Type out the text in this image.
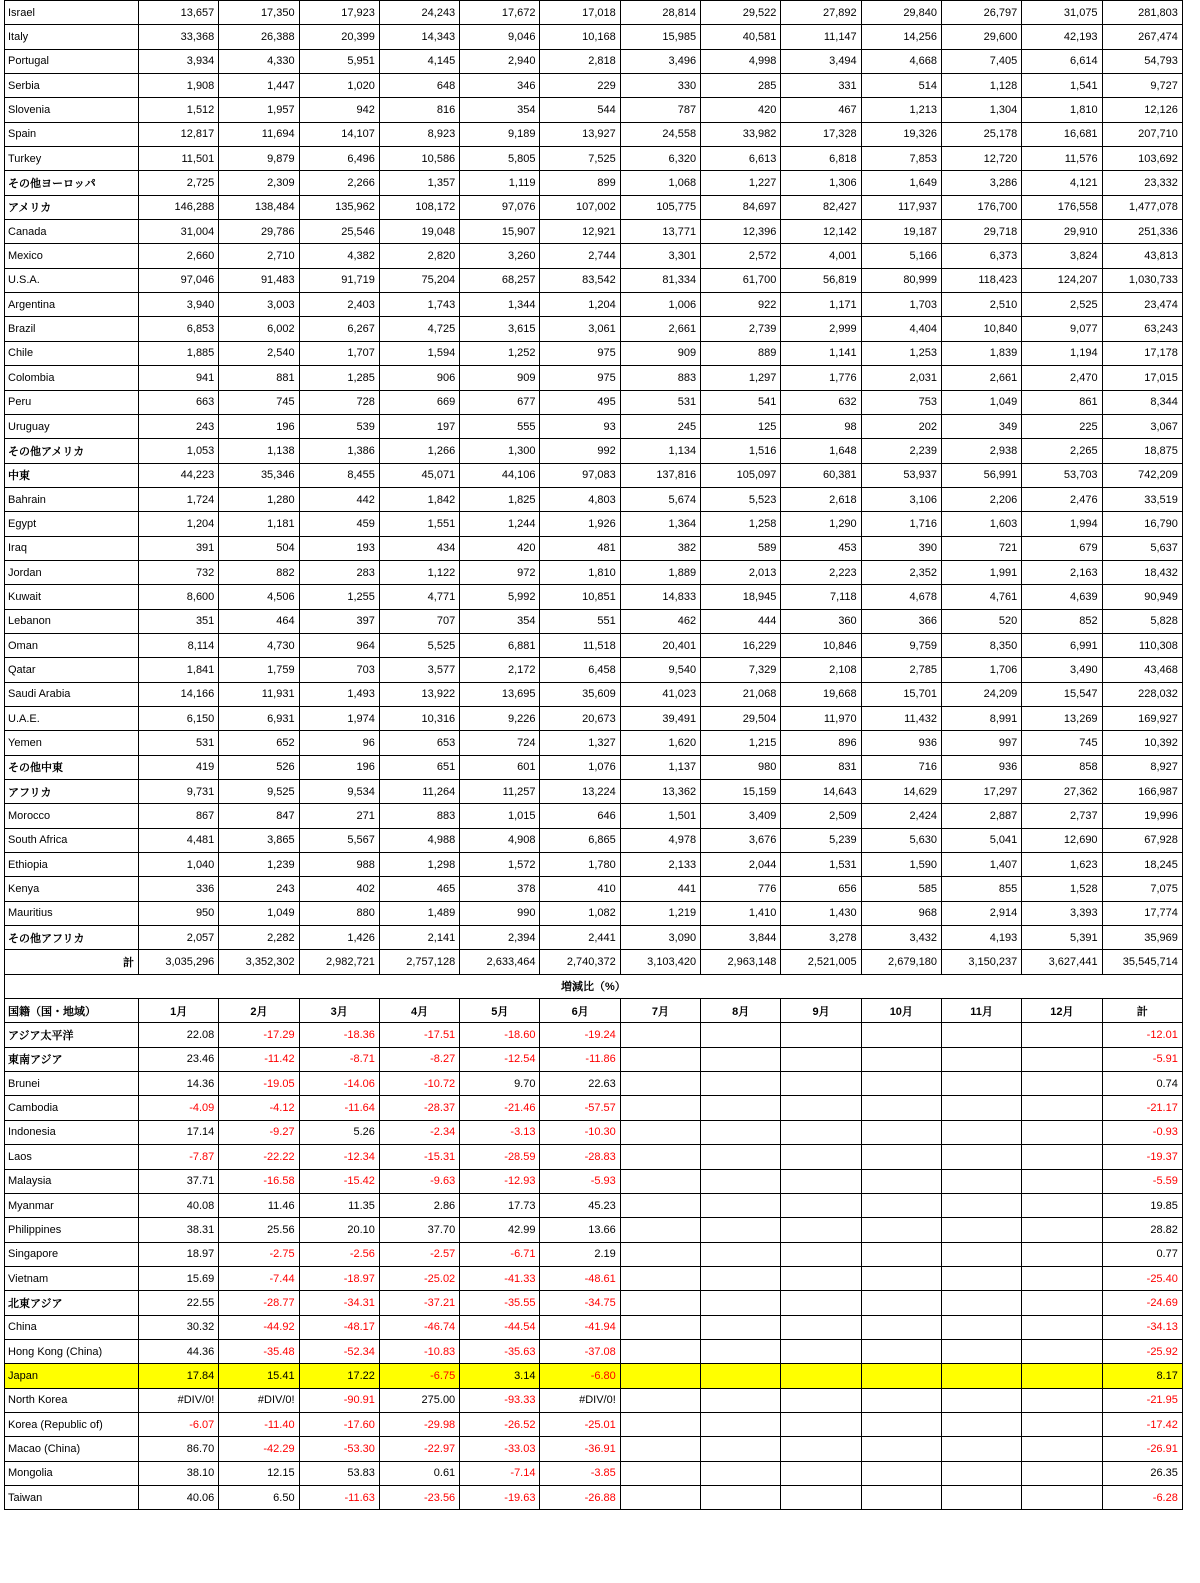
Israel	13,657	17,350	17,923	24,243	17,672	17,018	28,814	29,522	27,892	29,840	26,797	31,075	281,803
Italy	33,368	26,388	20,399	14,343	9,046	10,168	15,985	40,581	11,147	14,256	29,600	42,193	267,474
Portugal	3,934	4,330	5,951	4,145	2,940	2,818	3,496	4,998	3,494	4,668	7,405	6,614	54,793
Serbia	1,908	1,447	1,020	648	346	229	330	285	331	514	1,128	1,541	9,727
Slovenia	1,512	1,957	942	816	354	544	787	420	467	1,213	1,304	1,810	12,126
Spain	12,817	11,694	14,107	8,923	9,189	13,927	24,558	33,982	17,328	19,326	25,178	16,681	207,710
Turkey	11,501	9,879	6,496	10,586	5,805	7,525	6,320	6,613	6,818	7,853	12,720	11,576	103,692
その他ヨーロッパ	2,725	2,309	2,266	1,357	1,119	899	1,068	1,227	1,306	1,649	3,286	4,121	23,332
アメリカ	146,288	138,484	135,962	108,172	97,076	107,002	105,775	84,697	82,427	117,937	176,700	176,558	1,477,078
Canada	31,004	29,786	25,546	19,048	15,907	12,921	13,771	12,396	12,142	19,187	29,718	29,910	251,336
Mexico	2,660	2,710	4,382	2,820	3,260	2,744	3,301	2,572	4,001	5,166	6,373	3,824	43,813
U.S.A.	97,046	91,483	91,719	75,204	68,257	83,542	81,334	61,700	56,819	80,999	118,423	124,207	1,030,733
Argentina	3,940	3,003	2,403	1,743	1,344	1,204	1,006	922	1,171	1,703	2,510	2,525	23,474
Brazil	6,853	6,002	6,267	4,725	3,615	3,061	2,661	2,739	2,999	4,404	10,840	9,077	63,243
Chile	1,885	2,540	1,707	1,594	1,252	975	909	889	1,141	1,253	1,839	1,194	17,178
Colombia	941	881	1,285	906	909	975	883	1,297	1,776	2,031	2,661	2,470	17,015
Peru	663	745	728	669	677	495	531	541	632	753	1,049	861	8,344
Uruguay	243	196	539	197	555	93	245	125	98	202	349	225	3,067
その他アメリカ	1,053	1,138	1,386	1,266	1,300	992	1,134	1,516	1,648	2,239	2,938	2,265	18,875
中東	44,223	35,346	8,455	45,071	44,106	97,083	137,816	105,097	60,381	53,937	56,991	53,703	742,209
Bahrain	1,724	1,280	442	1,842	1,825	4,803	5,674	5,523	2,618	3,106	2,206	2,476	33,519
Egypt	1,204	1,181	459	1,551	1,244	1,926	1,364	1,258	1,290	1,716	1,603	1,994	16,790
Iraq	391	504	193	434	420	481	382	589	453	390	721	679	5,637
Jordan	732	882	283	1,122	972	1,810	1,889	2,013	2,223	2,352	1,991	2,163	18,432
Kuwait	8,600	4,506	1,255	4,771	5,992	10,851	14,833	18,945	7,118	4,678	4,761	4,639	90,949
Lebanon	351	464	397	707	354	551	462	444	360	366	520	852	5,828
Oman	8,114	4,730	964	5,525	6,881	11,518	20,401	16,229	10,846	9,759	8,350	6,991	110,308
Qatar	1,841	1,759	703	3,577	2,172	6,458	9,540	7,329	2,108	2,785	1,706	3,490	43,468
Saudi Arabia	14,166	11,931	1,493	13,922	13,695	35,609	41,023	21,068	19,668	15,701	24,209	15,547	228,032
U.A.E.	6,150	6,931	1,974	10,316	9,226	20,673	39,491	29,504	11,970	11,432	8,991	13,269	169,927
Yemen	531	652	96	653	724	1,327	1,620	1,215	896	936	997	745	10,392
その他中東	419	526	196	651	601	1,076	1,137	980	831	716	936	858	8,927
アフリカ	9,731	9,525	9,534	11,264	11,257	13,224	13,362	15,159	14,643	14,629	17,297	27,362	166,987
Morocco	867	847	271	883	1,015	646	1,501	3,409	2,509	2,424	2,887	2,737	19,996
South Africa	4,481	3,865	5,567	4,988	4,908	6,865	4,978	3,676	5,239	5,630	5,041	12,690	67,928
Ethiopia	1,040	1,239	988	1,298	1,572	1,780	2,133	2,044	1,531	1,590	1,407	1,623	18,245
Kenya	336	243	402	465	378	410	441	776	656	585	855	1,528	7,075
Mauritius	950	1,049	880	1,489	990	1,082	1,219	1,410	1,430	968	2,914	3,393	17,774
その他アフリカ	2,057	2,282	1,426	2,141	2,394	2,441	3,090	3,844	3,278	3,432	4,193	5,391	35,969
計	3,035,296	3,352,302	2,982,721	2,757,128	2,633,464	2,740,372	3,103,420	2,963,148	2,521,005	2,679,180	3,150,237	3,627,441	35,545,714
増減比（%）													
国籍（国・地域）	1月	2月	3月	4月	5月	6月	7月	8月	9月	10月	11月	12月	計
アジア太平洋	22.08	-17.29	-18.36	-17.51	-18.60	-19.24							-12.01
東南アジア	23.46	-11.42	-8.71	-8.27	-12.54	-11.86							-5.91
Brunei	14.36	-19.05	-14.06	-10.72	9.70	22.63							0.74
Cambodia	-4.09	-4.12	-11.64	-28.37	-21.46	-57.57							-21.17
Indonesia	17.14	-9.27	5.26	-2.34	-3.13	-10.30							-0.93
Laos	-7.87	-22.22	-12.34	-15.31	-28.59	-28.83							-19.37
Malaysia	37.71	-16.58	-15.42	-9.63	-12.93	-5.93							-5.59
Myanmar	40.08	11.46	11.35	2.86	17.73	45.23							19.85
Philippines	38.31	25.56	20.10	37.70	42.99	13.66							28.82
Singapore	18.97	-2.75	-2.56	-2.57	-6.71	2.19							0.77
Vietnam	15.69	-7.44	-18.97	-25.02	-41.33	-48.61							-25.40
北東アジア	22.55	-28.77	-34.31	-37.21	-35.55	-34.75							-24.69
China	30.32	-44.92	-48.17	-46.74	-44.54	-41.94							-34.13
Hong Kong (China)	44.36	-35.48	-52.34	-10.83	-35.63	-37.08							-25.92
Japan	17.84	15.41	17.22	-6.75	3.14	-6.80							8.17
North Korea	#DIV/0!	#DIV/0!	-90.91	275.00	-93.33	#DIV/0!							-21.95
Korea (Republic of)	-6.07	-11.40	-17.60	-29.98	-26.52	-25.01							-17.42
Macao (China)	86.70	-42.29	-53.30	-22.97	-33.03	-36.91							-26.91
Mongolia	38.10	12.15	53.83	0.61	-7.14	-3.85							26.35
Taiwan	40.06	6.50	-11.63	-23.56	-19.63	-26.88							-6.28
